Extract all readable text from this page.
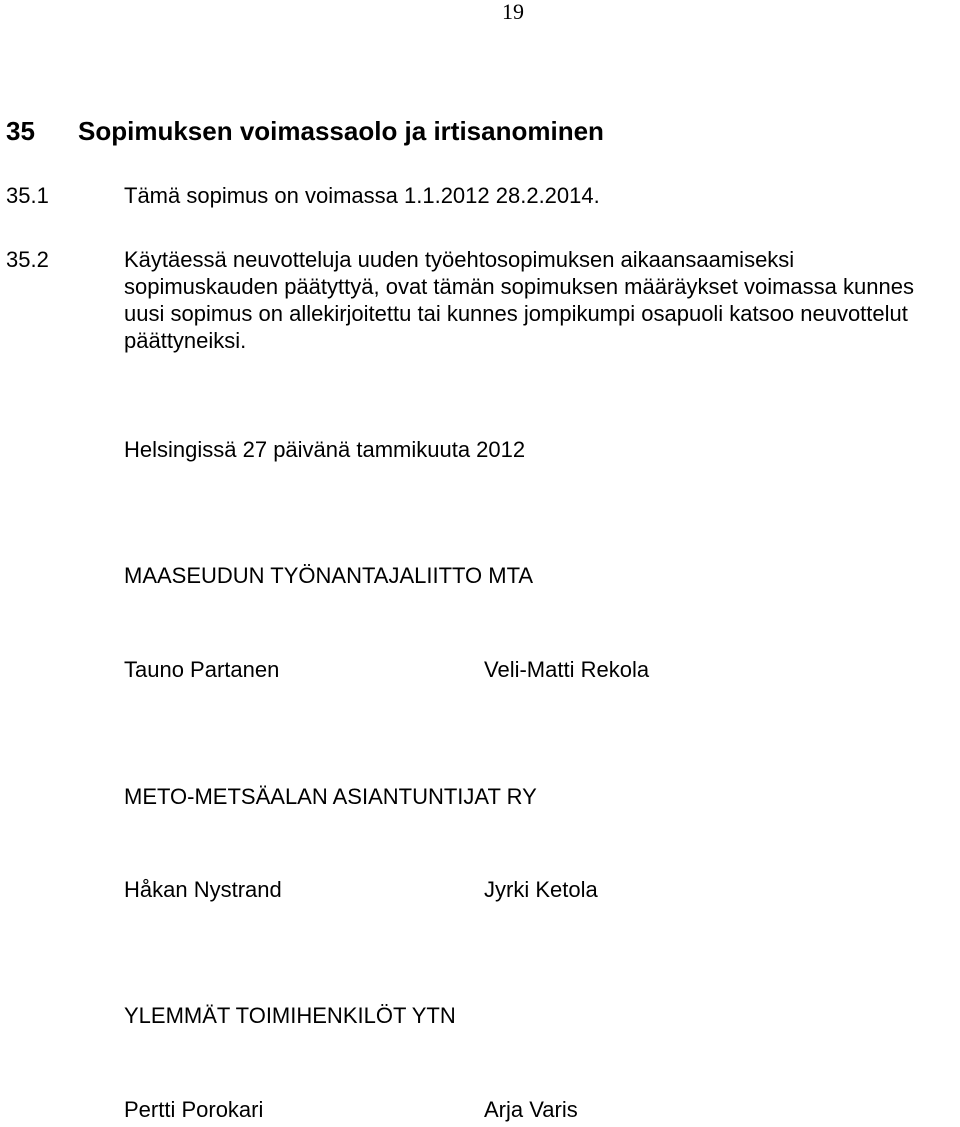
19
35 Sopimuksen voimassaolo ja irtisanominen
35.1	Tämä sopimus on voimassa 1.1.2012 28.2.2014.
35.2	Käytäessä neuvotteluja uuden työehtosopimuksen aikaansaamiseksi sopimuskauden päätyttyä, ovat tämän sopimuksen määräykset voimassa kunnes uusi sopimus on allekirjoitettu tai kunnes jompikumpi osapuoli katsoo neuvottelut päättyneiksi.
Helsingissä 27 päivänä tammikuuta 2012
MAASEUDUN TYÖNANTAJALIITTO MTA
Tauno Partanen	Veli-Matti Rekola
METO-METSÄALAN ASIANTUNTIJAT RY
Håkan Nystrand	Jyrki Ketola
YLEMMÄT TOIMIHENKILÖT YTN
Pertti Porokari	Arja Varis
